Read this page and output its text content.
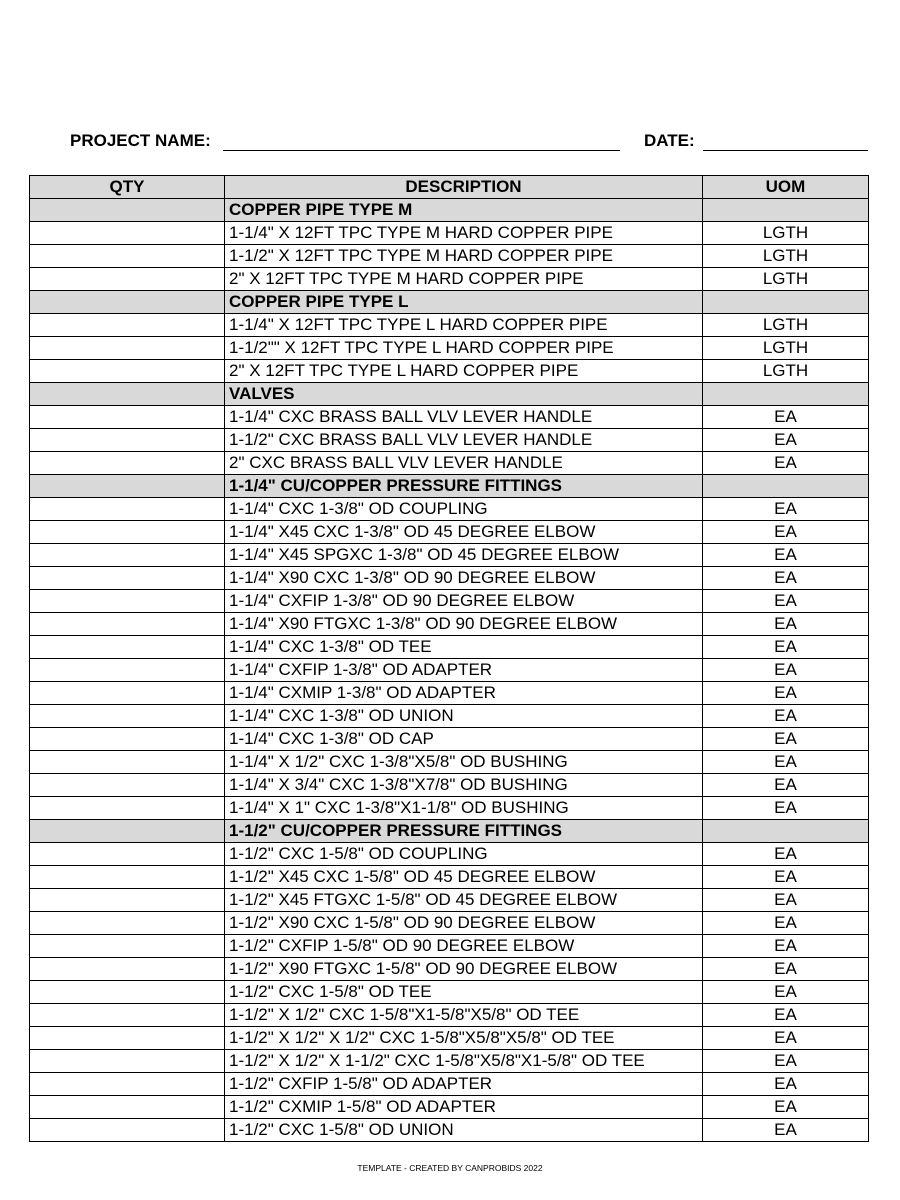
PROJECT NAME:	DATE:
QTY	DESCRIPTION	UOM
	COPPER PIPE TYPE M	
	1-1/4" X 12FT TPC TYPE M HARD COPPER PIPE	LGTH
	1-1/2" X 12FT TPC TYPE M HARD COPPER PIPE	LGTH
	2" X 12FT TPC TYPE M HARD COPPER PIPE	LGTH
	COPPER PIPE TYPE L	
	1-1/4" X 12FT TPC TYPE L HARD COPPER PIPE	LGTH
	1-1/2"" X 12FT TPC TYPE L HARD COPPER PIPE	LGTH
	2" X 12FT TPC TYPE L HARD COPPER PIPE	LGTH
	VALVES	
	1-1/4" CXC BRASS BALL VLV LEVER HANDLE	EA
	1-1/2" CXC BRASS BALL VLV LEVER HANDLE	EA
	2" CXC BRASS BALL VLV LEVER HANDLE	EA
	1-1/4" CU/COPPER PRESSURE FITTINGS	
	1-1/4" CXC 1-3/8" OD COUPLING	EA
	1-1/4" X45 CXC 1-3/8" OD 45 DEGREE ELBOW	EA
	1-1/4" X45 SPGXC 1-3/8" OD 45 DEGREE ELBOW	EA
	1-1/4" X90 CXC 1-3/8" OD 90 DEGREE ELBOW	EA
	1-1/4" CXFIP 1-3/8" OD 90 DEGREE ELBOW	EA
	1-1/4" X90 FTGXC 1-3/8" OD 90 DEGREE ELBOW	EA
	1-1/4" CXC 1-3/8" OD TEE	EA
	1-1/4" CXFIP 1-3/8" OD ADAPTER	EA
	1-1/4" CXMIP 1-3/8" OD ADAPTER	EA
	1-1/4" CXC 1-3/8" OD UNION	EA
	1-1/4" CXC 1-3/8" OD CAP	EA
	1-1/4" X 1/2" CXC 1-3/8"X5/8" OD BUSHING	EA
	1-1/4" X 3/4" CXC 1-3/8"X7/8" OD BUSHING	EA
	1-1/4" X 1" CXC 1-3/8"X1-1/8" OD BUSHING	EA
	1-1/2" CU/COPPER PRESSURE FITTINGS	
	1-1/2" CXC 1-5/8" OD COUPLING	EA
	1-1/2" X45 CXC 1-5/8" OD 45 DEGREE ELBOW	EA
	1-1/2" X45 FTGXC 1-5/8" OD 45 DEGREE ELBOW	EA
	1-1/2" X90 CXC 1-5/8" OD 90 DEGREE ELBOW	EA
	1-1/2" CXFIP 1-5/8" OD 90 DEGREE ELBOW	EA
	1-1/2" X90 FTGXC 1-5/8" OD 90 DEGREE ELBOW	EA
	1-1/2" CXC 1-5/8" OD TEE	EA
	1-1/2" X 1/2" CXC 1-5/8"X1-5/8"X5/8" OD TEE	EA
	1-1/2" X 1/2" X 1/2" CXC 1-5/8"X5/8"X5/8" OD TEE	EA
	1-1/2" X 1/2" X 1-1/2" CXC 1-5/8"X5/8"X1-5/8" OD TEE	EA
	1-1/2" CXFIP 1-5/8" OD ADAPTER	EA
	1-1/2" CXMIP 1-5/8" OD ADAPTER	EA
	1-1/2" CXC 1-5/8" OD UNION	EA
TEMPLATE - CREATED BY CANPROBIDS 2022
